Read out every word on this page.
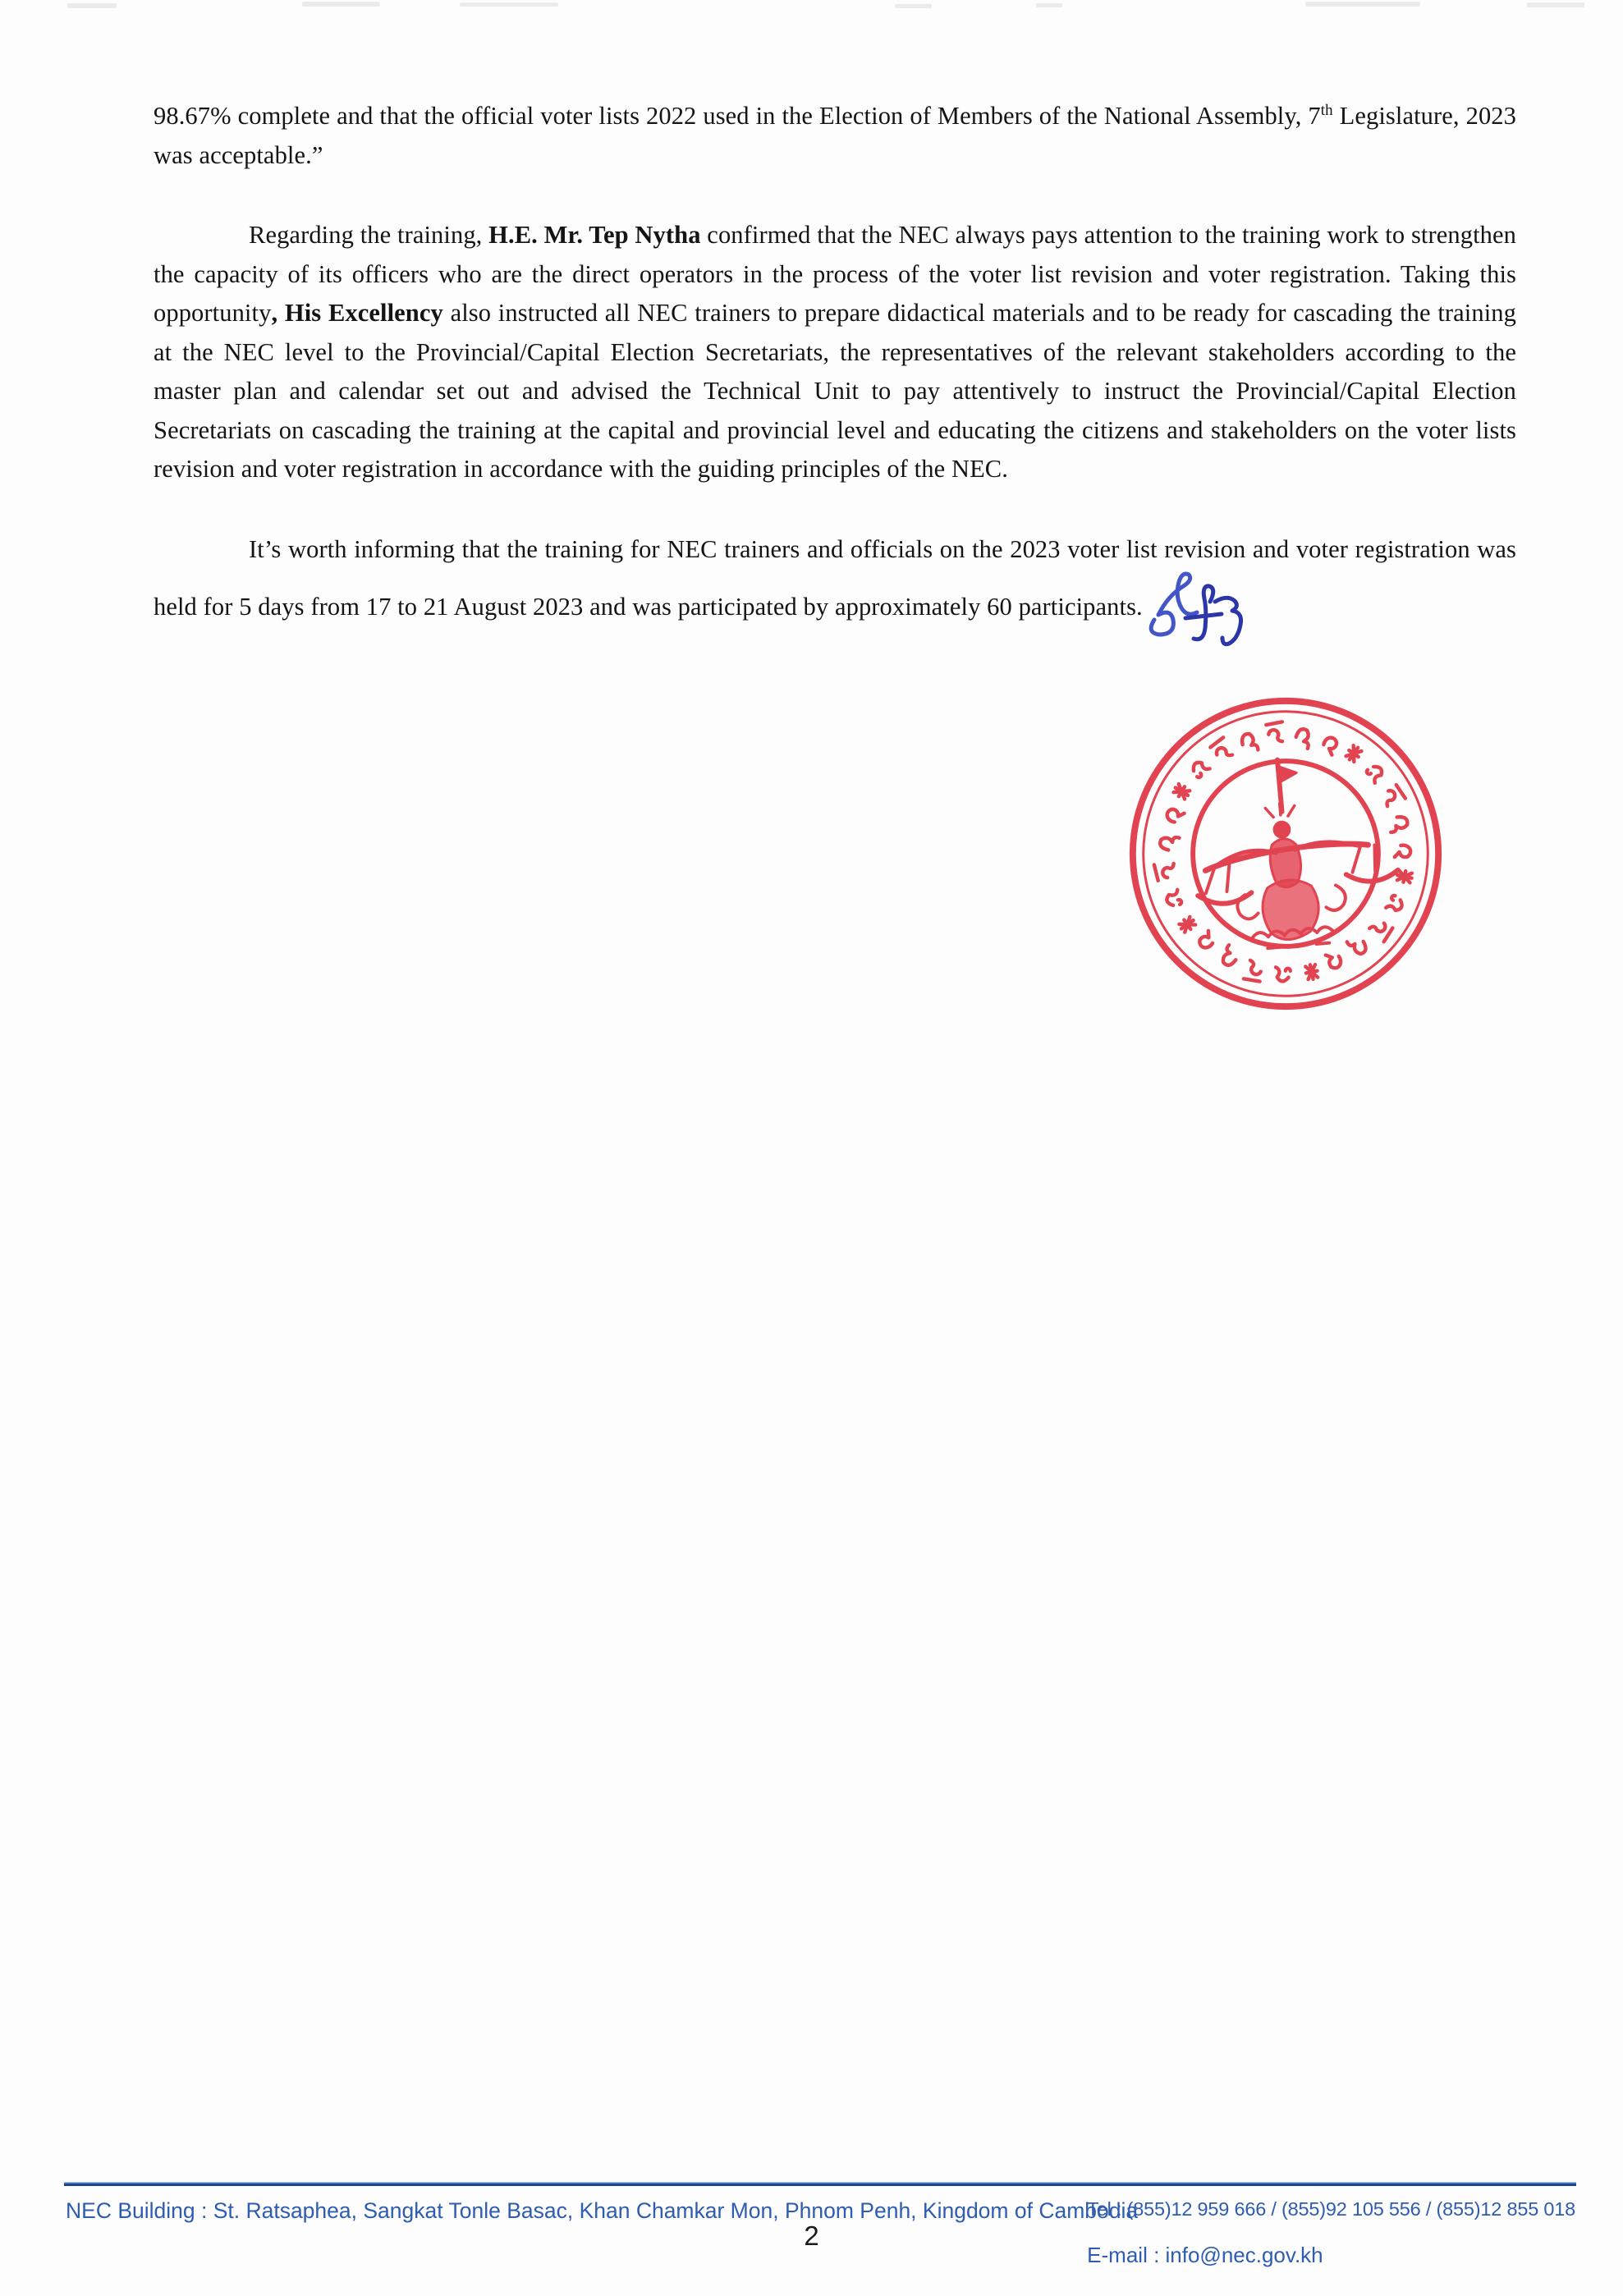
98.67% complete and that the official voter lists 2022 used in the Election of Members of the National Assembly, 7th Legislature, 2023 was acceptable.”

Regarding the training, H.E. Mr. Tep Nytha confirmed that the NEC always pays attention to the training work to strengthen the capacity of its officers who are the direct operators in the process of the voter list revision and voter registration. Taking this opportunity, His Excellency also instructed all NEC trainers to prepare didactical materials and to be ready for cascading the training at the NEC level to the Provincial/Capital Election Secretariats, the representatives of the relevant stakeholders according to the master plan and calendar set out and advised the Technical Unit to pay attentively to instruct the Provincial/Capital Election Secretariats on cascading the training at the capital and provincial level and educating the citizens and stakeholders on the voter lists revision and voter registration in accordance with the guiding principles of the NEC.

It’s worth informing that the training for NEC trainers and officials on the 2023 voter list revision and voter registration was held for 5 days from 17 to 21 August 2023 and was participated by approximately 60 participants.

NEC Building : St. Ratsaphea, Sangkat Tonle Basac, Khan Chamkar Mon, Phnom Penh, Kingdom of Cambodia
Tel : (855)12 959 666 / (855)92 105 556 / (855)12 855 018
E-mail : info@nec.gov.kh
2
